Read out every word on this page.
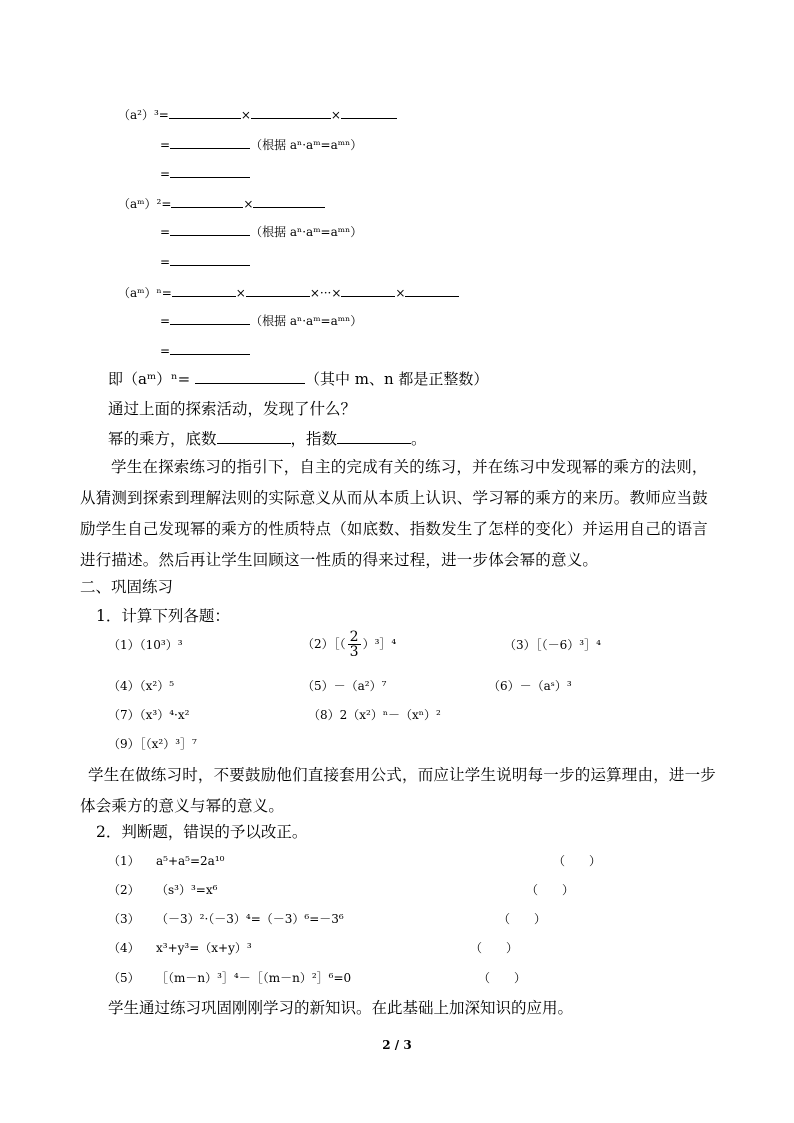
（a²）³=	×	×
=	（根据 aⁿ·aᵐ=aᵐⁿ）
=
（aᵐ）²=	×
=	（根据 aⁿ·aᵐ=aᵐⁿ）
=
（aᵐ）ⁿ=	×	×···×	×
=	（根据 aⁿ·aᵐ=aᵐⁿ）
=
即（aᵐ）ⁿ=	（其中 m、n 都是正整数）
通过上面的探索活动，发现了什么？
幂的乘方，底数	，指数	。
学生在探索练习的指引下，自主的完成有关的练习，并在练习中发现幂的乘方的法则，从猜测到探索到理解法则的实际意义从而从本质上认识、学习幂的乘方的来历。教师应当鼓励学生自己发现幂的乘方的性质特点（如底数、指数发生了怎样的变化）并运用自己的语言进行描述。然后再让学生回顾这一性质的得来过程，进一步体会幂的意义。
二、巩固练习
1．计算下列各题：
（1）（10³）³	（2）［（ $\frac{2}{3}$ ）³］⁴	（3）［（－6）³］⁴
（4）（x²）⁵	（5）－（a²）⁷	（6）－（aˢ）³
（7）（x³）⁴·x²	（8）2（x²）ⁿ－（xⁿ）²
（9）［（x²）³］⁷
学生在做练习时，不要鼓励他们直接套用公式，而应让学生说明每一步的运算理由，进一步体会乘方的意义与幂的意义。
2．判断题，错误的予以改正。
（1） a⁵+a⁵=2a¹⁰	（　　）
（2） （s³）³=x⁶	（　　）
（3） （－3）²·（－3）⁴=（－3）⁶=－3⁶	（　　）
（4） x³+y³=（x+y）³	（　　）
（5） ［（m－n）³］⁴－［（m－n）²］⁶=0	（　　）
学生通过练习巩固刚刚学习的新知识。在此基础上加深知识的应用。
2 / 3
